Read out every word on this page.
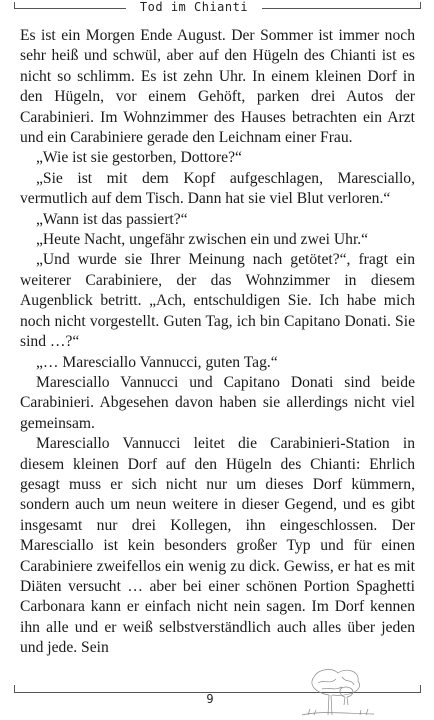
Tod im Chianti

Es ist ein Morgen Ende August. Der Sommer ist immer noch sehr heiß und schwül, aber auf den Hügeln des Chianti ist es nicht so schlimm. Es ist zehn Uhr. In einem kleinen Dorf in den Hügeln, vor einem Gehöft, parken drei Autos der Carabinieri. Im Wohnzimmer des Hauses betrachten ein Arzt und ein Carabiniere gerade den Leichnam einer Frau.

„Wie ist sie gestorben, Dottore?“

„Sie ist mit dem Kopf aufgeschlagen, Maresciallo, vermutlich auf dem Tisch. Dann hat sie viel Blut verloren.“

„Wann ist das passiert?“

„Heute Nacht, ungefähr zwischen ein und zwei Uhr.“

„Und wurde sie Ihrer Meinung nach getötet?“, fragt ein weiterer Carabiniere, der das Wohnzimmer in diesem Augenblick betritt. „Ach, entschuldigen Sie. Ich habe mich noch nicht vorgestellt. Guten Tag, ich bin Capitano Donati. Sie sind …?“

„… Maresciallo Vannucci, guten Tag.“

Maresciallo Vannucci und Capitano Donati sind beide Carabinieri. Abgesehen davon haben sie allerdings nicht viel gemeinsam.

Maresciallo Vannucci leitet die Carabinieri-Station in diesem kleinen Dorf auf den Hügeln des Chianti: Ehrlich gesagt muss er sich nicht nur um dieses Dorf kümmern, sondern auch um neun weitere in dieser Gegend, und es gibt insgesamt nur drei Kollegen, ihn eingeschlossen. Der Maresciallo ist kein besonders großer Typ und für einen Carabiniere zweifellos ein wenig zu dick. Gewiss, er hat es mit Diäten versucht … aber bei einer schönen Portion Spaghetti Carbonara kann er einfach nicht nein sagen. Im Dorf kennen ihn alle und er weiß selbstverständlich auch alles über jeden und jede. Sein

9
